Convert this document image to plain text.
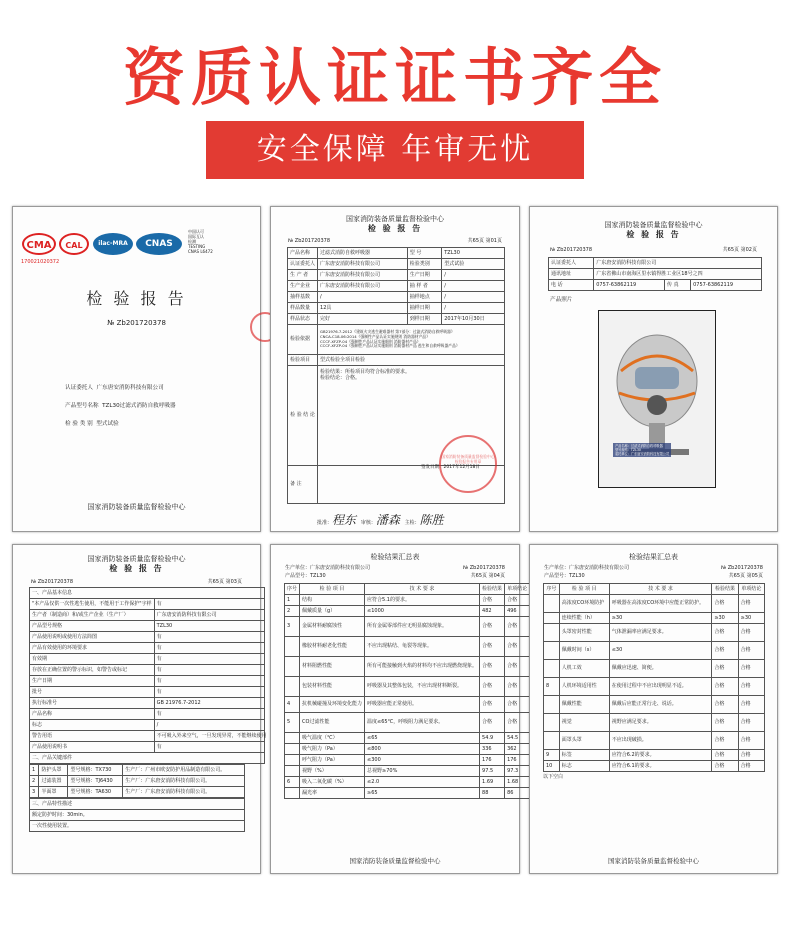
资质认证证书齐全
安全保障 年审无忧
CMA	CAL	ilac-MRA	CNAS
中国认可
国际互认
检测
TESTING
CNAS L6472
170021020372
检 验 报 告
№ Zb201720378
认证委托人 广东唐安消防科技有限公司
产品型号名称 TZL30过滤式消防自救呼吸器
检 验 类 别 型式试验
国家消防装备质量监督检验中心
国家消防装备质量监督检验中心
检 验 报 告
№ Zb201720378	共65页 第01页
产品名称	过滤式消防自救呼吸器	型 号	TZL30
认证委托人	广东唐安消防科技有限公司	检验类别	型式试验
生 产 者	广东唐安消防科技有限公司	生产日期	/
生产企业	广东唐安消防科技有限公司	抽 样 者	/
抽样基数	/	抽样地点	/
样品数量	12具	抽样日期	/
样品状态	完好	到样日期	2017年10月30日
检验依据	GB21976.7-2012《建筑火灾逃生避难器材 第7部分：过滤式消防自救呼吸器》
CNCA-C18-06:2014《强制性产品认证实施规则 消防器材产品》
CCCF-XFZP-04《强制性产品认证实施细则 消防器材产品》
CCCF-XFZP-04《强制性产品认证实施细则 消防器材产品 逃生和自救呼吸器产品》		

检验项目	型式检验全项目检验		
检 验 结 论	检验结果：所检项目均符合标准的要求。
检验结论：合格。		

备 注			
国家消防装备质量监督检验中心 检验报告专用章
签发日期：2017年12月18日
批准：程东 审核：潘森 主检：陈胜
国家消防装备质量监督检验中心
检 验 报 告
№ Zb201720378	共65页 第02页
认证委托人	广东唐安消防科技有限公司		
通讯地址	广东省佛山市南海区里水镇得胜工业区18号之四		
电 话	0757-63862119	传 真	0757-63862119
产品照片
产品名称：过滤式消防自救呼吸器
型号规格：TZL30
委托单位：广东唐安消防科技有限公司
国家消防装备质量监督检验中心
检 验 报 告
№ Zb201720378	共65页 第03页
一、产品基本信息	
"本产品仅供一次性逃生使用，不能用于工作保护"字样	有
生产者（制造商）和/或生产企业（生产厂）	广东唐安消防科技有限公司
产品型号规格	TZL30
产品使用说明或使用方法简图	有
产品有效使用的环境要求	有
有效期	有
存放在正确位置的警示标识，如警告或标记	有
生产日期	有
批号	有
执行标准号	GB 21976.7-2012
产品名称	有
标志	/
警告用语	不可吸入外来空气，一旦发现异常，不能继续使用
产品使用说明书	有
二、产品关键部件	
1	防护头罩	型号规格：TX730	生产厂：广州市欧安防护用品制造有限公司。
2	过滤装置	型号规格：TJ6430	生产厂：广东唐安消防科技有限公司。
3	半面罩	型号规格：TA630	生产厂：广东唐安消防科技有限公司。
三、产品特性描述
额定防护时间：30min。
一次性使用装置。
检验结果汇总表
生产单位：广东唐安消防科技有限公司	№ Zb201720378
产品型号：TZL30	共65页 第04页
序号	检 验 项 目	技 术 要 求	检验结果	单项结论
1	结构	应符合5.1的要求。	合格	合格
2	佩戴质量（g）	≤1000	482	496
3	金属材料耐腐蚀性	所有金属零部件应无明显腐蚀现象。	合格	合格
	橡胶材料耐老化性能	不应出现粘结、龟裂等现象。	合格	合格
	材料阻燃性能	所有可能接触到火焰的材料均不应出现燃烧现象。	合格	合格
	包装材料性能	呼吸器及其整体包装，不应出现材料断裂。	合格	合格
4	抗机械碰撞及环境变化能力	呼吸器应能正常使用。	合格	合格
5	CO过滤性能	温度≤65℃，呼吸阻力满足要求。	合格	合格
	吸气温度（℃）	≤65	54.9	54.5
	吸气阻力（Pa）	≤800	336	362
	呼气阻力（Pa）	≤300	176	176
	视野（%）	总视野≥70%	97.5	97.3
6	吸入二氧化碳（%）	≤2.0	1.69	1.68
	漏光率	≥65	88	86
国家消防装备质量监督检验中心
检验结果汇总表
生产单位：广东唐安消防科技有限公司	№ Zb201720378
产品型号：TZL30	共65页 第05页
序号	检 验 项 目	技 术 要 求	检验结果	单项结论
	高浓度CO环境防护	呼吸器在高浓度CO环境中应能正常防护。	合格	合格
	连续性能（h）	≥30	≥30	≥30
	头罩密封性能	气体泄漏率应满足要求。	合格	合格
	佩戴时间（s）	≤30	合格	合格
	人机工效	佩戴应迅速、简便。	合格	合格
8	人机环境适用性	在使用过程中不应出现明显不适。	合格	合格
	佩戴性能	佩戴后应能正常行走、说话。	合格	合格
	视觉	视野应满足要求。	合格	合格
	面罩头罩	不应出现破损。	合格	合格
9	标签	应符合6.2的要求。	合格	合格
10	标志	应符合6.1的要求。	合格	合格
以下空白
国家消防装备质量监督检验中心
